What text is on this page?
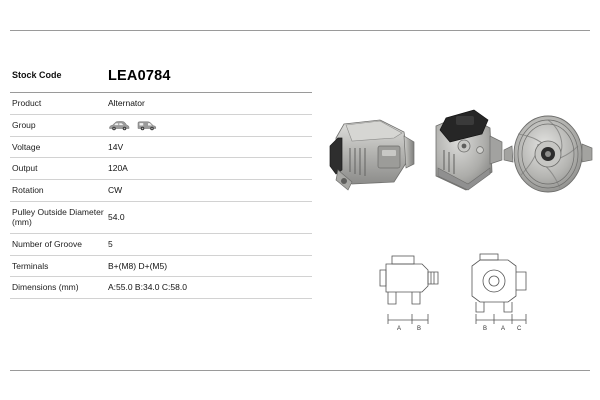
Stock Code	LEA0784
Product	Alternator
Group	

Voltage	14V
Output	120A
Rotation	CW
Pulley Outside Diameter (mm)	54.0
Number of Groove	5
Terminals	B+(M8) D+(M5)
Dimensions (mm)	A:55.0 B:34.0 C:58.0
A	B	B A C
